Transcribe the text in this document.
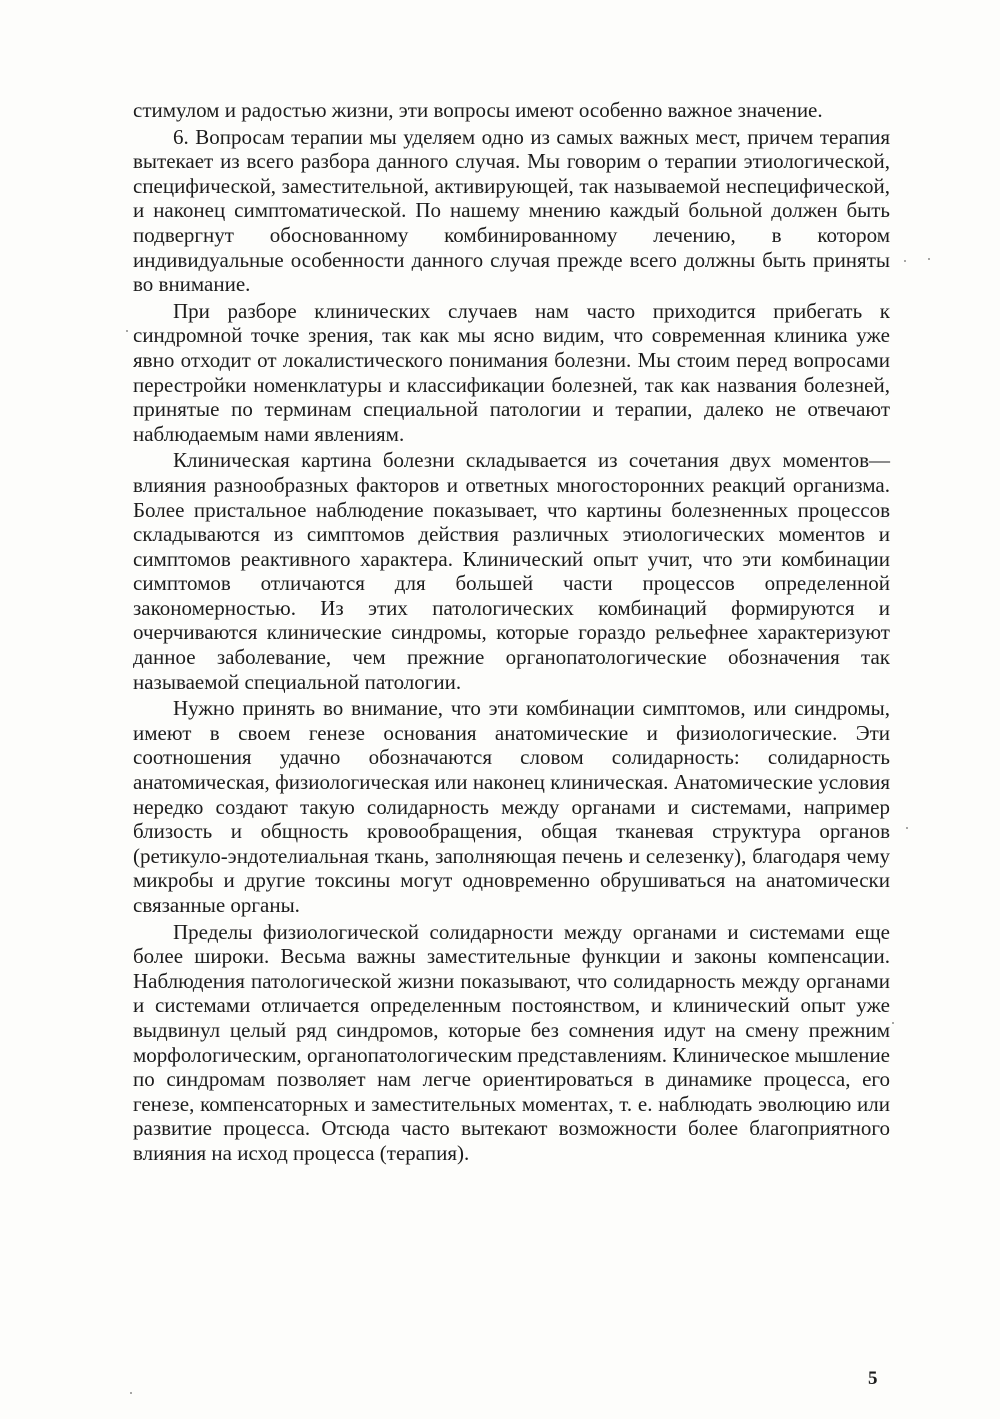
стимулом и радостью жизни, эти вопросы имеют особенно важное значение.

6. Вопросам терапии мы уделяем одно из самых важных мест, причем терапия вытекает из всего разбора данного случая. Мы говорим о терапии этиологической, специфической, заместительной, активирующей, так называемой неспецифической, и наконец симптоматической. По нашему мнению каждый больной должен быть подвергнут обоснованному комбинированному лечению, в котором индивидуальные особенности данного случая прежде всего должны быть приняты во внимание.

При разборе клинических случаев нам часто приходится прибегать к синдромной точке зрения, так как мы ясно видим, что современная клиника уже явно отходит от локалистического понимания болезни. Мы стоим перед вопросами перестройки номенклатуры и классификации болезней, так как названия болезней, принятые по терминам специальной патологии и терапии, далеко не отвечают наблюдаемым нами явлениям.

Клиническая картина болезни складывается из сочетания двух моментов—влияния разнообразных факторов и ответных многосторонних реакций организма. Более пристальное наблюдение показывает, что картины болезненных процессов складываются из симптомов действия различных этиологических моментов и симптомов реактивного характера. Клинический опыт учит, что эти комбинации симптомов отличаются для большей части процессов определенной закономерностью. Из этих патологических комбинаций формируются и очерчиваются клинические синдромы, которые гораздо рельефнее характеризуют данное заболевание, чем прежние органопатологические обозначения так называемой специальной патологии.

Нужно принять во внимание, что эти комбинации симптомов, или синдромы, имеют в своем генезе основания анатомические и физиологические. Эти соотношения удачно обозначаются словом солидарность: солидарность анатомическая, физиологическая или наконец клиническая. Анатомические условия нередко создают такую солидарность между органами и системами, например близость и общность кровообращения, общая тканевая структура органов (ретикуло-эндотелиальная ткань, заполняющая печень и селезенку), благодаря чему микробы и другие токсины могут одновременно обрушиваться на анатомически связанные органы.

Пределы физиологической солидарности между органами и системами еще более широки. Весьма важны заместительные функции и законы компенсации. Наблюдения патологической жизни показывают, что солидарность между органами и системами отличается определенным постоянством, и клинический опыт уже выдвинул целый ряд синдромов, которые без сомнения идут на смену прежним морфологическим, органопатологическим представлениям. Клиническое мышление по синдромам позволяет нам легче ориентироваться в динамике процесса, его генезе, компенсаторных и заместительных моментах, т. е. наблюдать эволюцию или развитие процесса. Отсюда часто вытекают возможности более благоприятного влияния на исход процесса (терапия).

5
